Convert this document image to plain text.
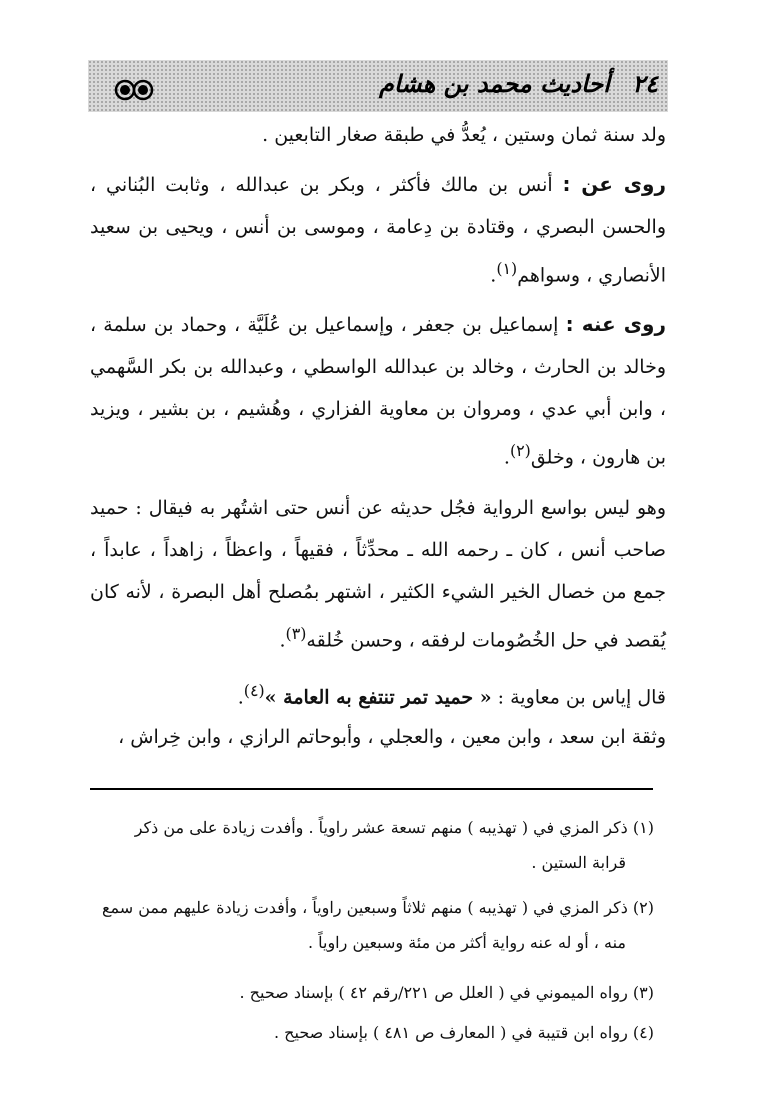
٢٤ أحاديث محمد بن هشام
ولد سنة ثمان وستين ، يُعدُّ في طبقة صغار التابعين .
روى عن : أنس بن مالك فأكثر ، وبكر بن عبدالله ، وثابت البُناني ، والحسن البصري ، وقتادة بن دِعامة ، وموسى بن أنس ، ويحيى بن سعيد الأنصاري ، وسواهم$^{(١)}$.
روى عنه : إسماعيل بن جعفر ، وإسماعيل بن عُلَيَّة ، وحماد بن سلمة ، وخالد بن الحارث ، وخالد بن عبدالله الواسطي ، وعبدالله بن بكر السَّهمي ، وابن أبي عدي ، ومروان بن معاوية الفزاري ، وهُشيم ، بن بشير ، ويزيد بن هارون ، وخلق$^{(٢)}$.
وهو ليس بواسع الرواية فجُل حديثه عن أنس حتى اشتُهر به فيقال : حميد صاحب أنس ، كان ـ رحمه الله ـ محدِّثاً ، فقيهاً ، واعظاً ، زاهداً ، عابداً ، جمع من خصال الخير الشيء الكثير ، اشتهر بمُصلح أهل البصرة ، لأنه كان يُقصد في حل الخُصُومات لرفقه ، وحسن خُلقه$^{(٣)}$.
قال إياس بن معاوية : « حميد تمر تنتفع به العامة »$^{(٤)}$.
وثقة ابن سعد ، وابن معين ، والعجلي ، وأبوحاتم الرازي ، وابن خِراش ،
(١) ذكر المزي في ( تهذيبه ) منهم تسعة عشر راوياً . وأفدت زيادة على من ذكر
قرابة الستين .
(٢) ذكر المزي في ( تهذيبه ) منهم ثلاثاً وسبعين راوياً ، وأفدت زيادة عليهم ممن سمع
منه ، أو له عنه رواية أكثر من مئة وسبعين راوياً .
(٣) رواه الميموني في ( العلل ص ٢٢١/رقم ٤٢ ) بإسناد صحيح .
(٤) رواه ابن قتيبة في ( المعارف ص ٤٨١ ) بإسناد صحيح .
